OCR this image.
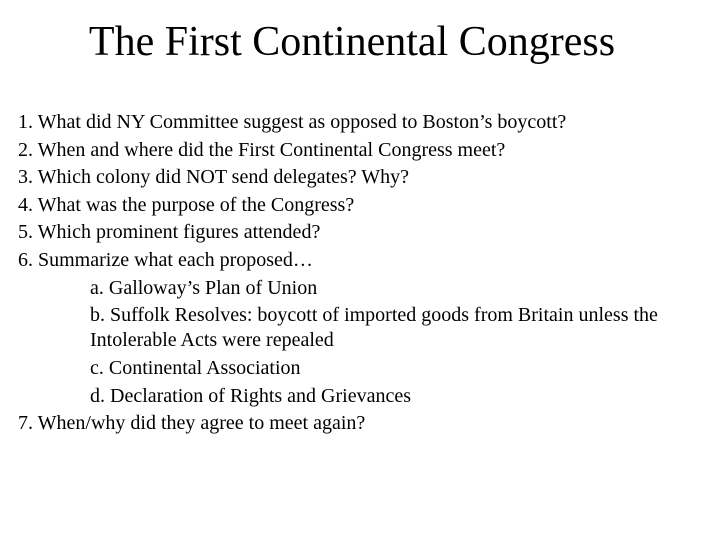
The First Continental Congress
1. What did NY Committee suggest as opposed to Boston’s boycott?
2. When and where did the First Continental Congress meet?
3. Which colony did NOT send delegates? Why?
4. What was the purpose of the Congress?
5. Which prominent figures attended?
6. Summarize what each proposed…
a. Galloway’s Plan of Union
b. Suffolk Resolves: boycott of imported goods from Britain unless the Intolerable Acts were repealed
c. Continental Association
d. Declaration of Rights and Grievances
7. When/why did they agree to meet again?
